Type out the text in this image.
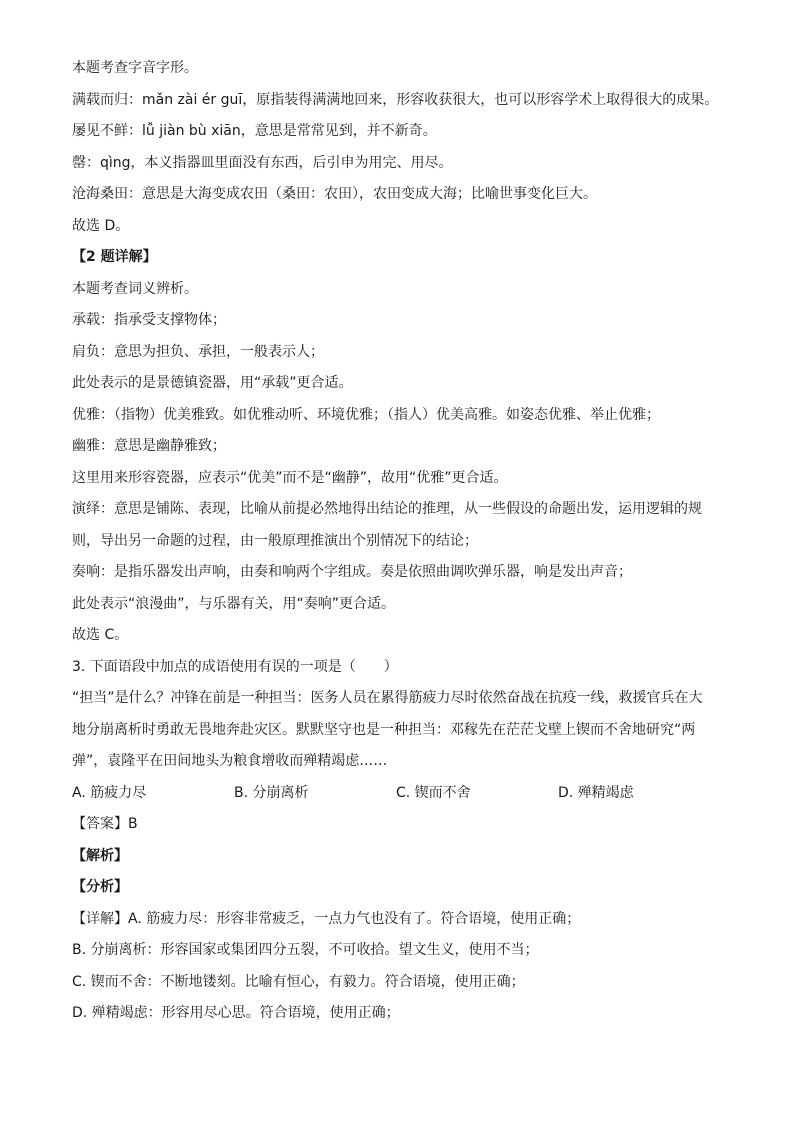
本题考查字音字形。
满载而归：mǎn zài ér guī，原指装得满满地回来，形容收获很大，也可以形容学术上取得很大的成果。
屡见不鲜：lǚ jiàn bù xiān，意思是常常见到，并不新奇。
罄：qìng，本义指器皿里面没有东西，后引申为用完、用尽。
沧海桑田：意思是大海变成农田（桑田：农田），农田变成大海；比喻世事变化巨大。
故选 D。
【2 题详解】
本题考查词义辨析。
承载：指承受支撑物体；
肩负：意思为担负、承担，一般表示人；
此处表示的是景德镇瓷器，用“承载”更合适。
优雅：（指物）优美雅致。如优雅动听、环境优雅；（指人）优美高雅。如姿态优雅、举止优雅；
幽雅：意思是幽静雅致；
这里用来形容瓷器，应表示“优美”而不是“幽静”，故用“优雅”更合适。
演绎：意思是铺陈、表现，比喻从前提必然地得出结论的推理，从一些假设的命题出发，运用逻辑的规
则，导出另一命题的过程，由一般原理推演出个别情况下的结论；
奏响：是指乐器发出声响，由奏和响两个字组成。奏是依照曲调吹弹乐器，响是发出声音；
此处表示“浪漫曲”，与乐器有关，用“奏响”更合适。
故选 C。
3. 下面语段中加点的成语使用有误的一项是（　　）
“担当”是什么？冲锋在前是一种担当：医务人员在累得筋疲力尽时依然奋战在抗疫一线，救援官兵在大
地分崩离析时勇敢无畏地奔赴灾区。默默坚守也是一种担当：邓稼先在茫茫戈壁上锲而不舍地研究“两
弹”，袁隆平在田间地头为粮食增收而殚精竭虑……
A. 筋疲力尽	B. 分崩离析	C. 锲而不舍	D. 殚精竭虑
【答案】B
【解析】
【分析】
【详解】A. 筋疲力尽：形容非常疲乏，一点力气也没有了。符合语境，使用正确；
B. 分崩离析：形容国家或集团四分五裂，不可收拾。望文生义，使用不当；
C. 锲而不舍：不断地镂刻。比喻有恒心，有毅力。符合语境，使用正确；
D. 殚精竭虑：形容用尽心思。符合语境，使用正确；
